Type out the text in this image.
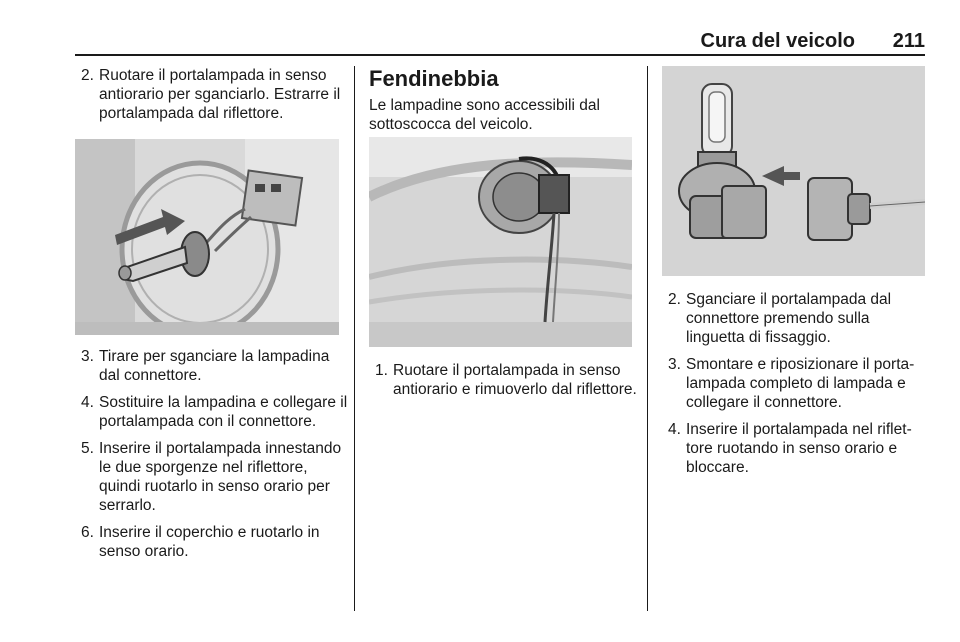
Cura del veicolo 211
2. Ruotare il portalampada in senso antiorario per sganciarlo. Estrarre il portalampada dal riflettore.
3. Tirare per sganciare la lampadina dal connettore.
4. Sostituire la lampadina e collegare il portalampada con il connettore.
5. Inserire il portalampada innestando le due sporgenze nel riflettore, quindi ruotarlo in senso orario per serrarlo.
6. Inserire il coperchio e ruotarlo in senso orario.
Fendinebbia

Le lampadine sono accessibili dal sottoscocca del veicolo.

1. Ruotare il portalampada in senso antiorario e rimuoverlo dal riflettore.
2. Sganciare il portalampada dal connettore premendo sulla linguetta di fissaggio.
3. Smontare e riposizionare il portalampada completo di lampada e collegare il connettore.
4. Inserire il portalampada nel riflettore ruotando in senso orario e bloccare.
